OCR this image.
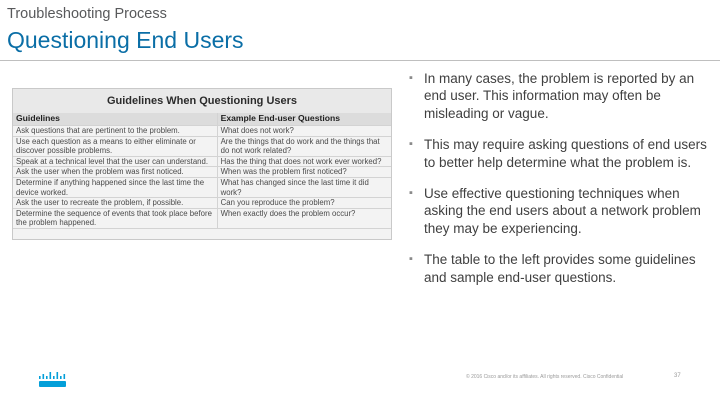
Troubleshooting Process
Questioning End Users
Guidelines When Questioning Users
Guidelines	Example End-user Questions
Ask questions that are pertinent to the problem.	What does not work?
Use each question as a means to either eliminate or discover possible problems.	Are the things that do work and the things that do not work related?
Speak at a technical level that the user can understand.	Has the thing that does not work ever worked?
Ask the user when the problem was first noticed.	When was the problem first noticed?
Determine if anything happened since the last time the device worked.	What has changed since the last time it did work?
Ask the user to recreate the problem, if possible.	Can you reproduce the problem?
Determine the sequence of events that took place before the problem happened.	When exactly does the problem occur?
▪ In many cases, the problem is reported by an end user. This information may often be misleading or vague.
▪ This may require asking questions of end users to better help determine what the problem is.
▪ Use effective questioning techniques when asking the end users about a network problem they may be experiencing.
▪ The table to the left provides some guidelines and sample end-user questions.
© 2016 Cisco and/or its affiliates. All rights reserved. Cisco Confidential	37
